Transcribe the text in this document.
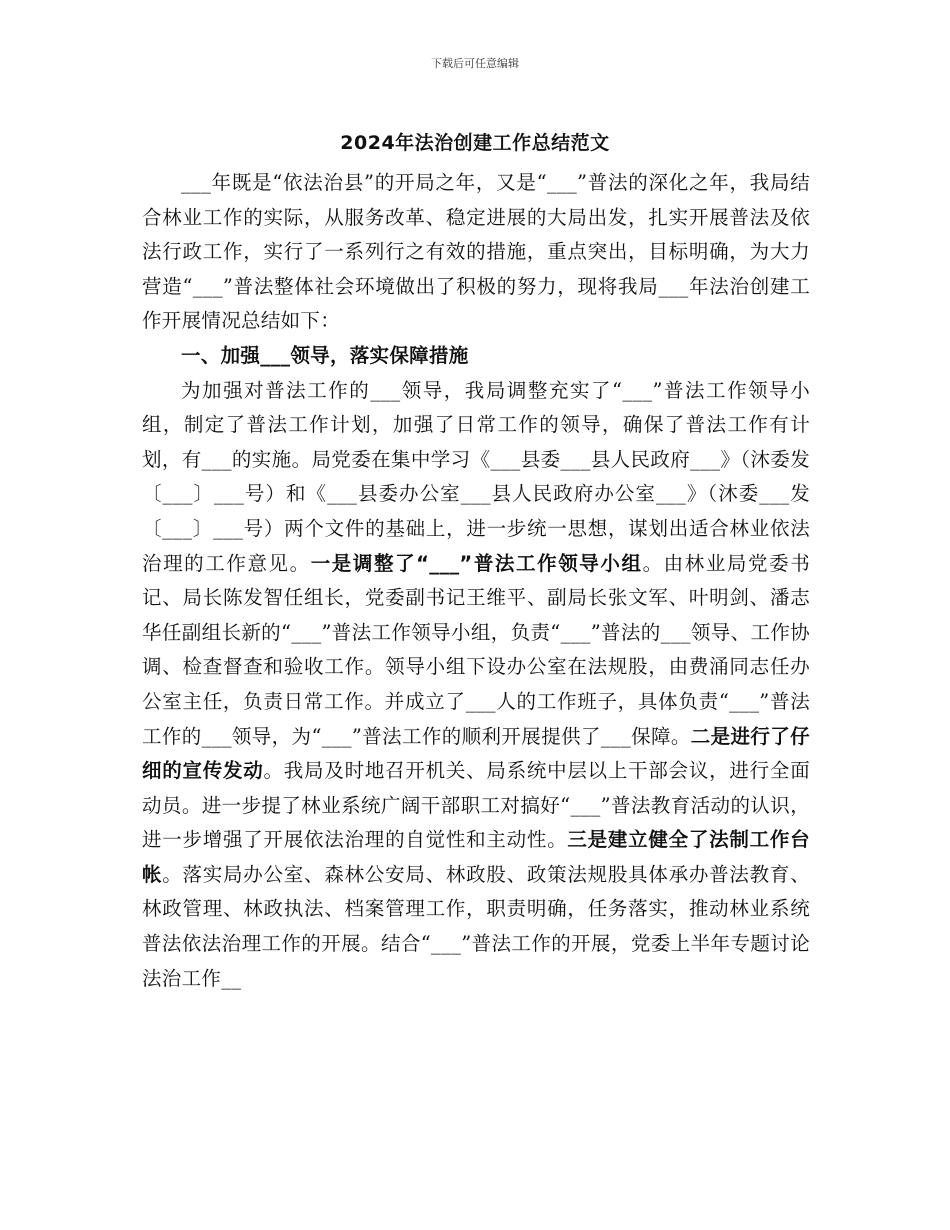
下载后可任意编辑
2024年法治创建工作总结范文

___年既是“依法治县”的开局之年，又是“___”普法的深化之年，我局结合林业工作的实际，从服务改革、稳定进展的大局出发，扎实开展普法及依法行政工作，实行了一系列行之有效的措施，重点突出，目标明确，为大力营造“___”普法整体社会环境做出了积极的努力，现将我局___年法治创建工作开展情况总结如下：

一、加强___领导，落实保障措施

为加强对普法工作的___领导，我局调整充实了“___”普法工作领导小组，制定了普法工作计划，加强了日常工作的领导，确保了普法工作有计划，有___的实施。局党委在集中学习《___县委___县人民政府___》（沐委发〔___〕___号）和《___县委办公室___县人民政府办公室___》（沐委___发〔___〕___号）两个文件的基础上，进一步统一思想，谋划出适合林业依法治理的工作意见。一是调整了“___”普法工作领导小组。由林业局党委书记、局长陈发智任组长，党委副书记王维平、副局长张文军、叶明剑、潘志华任副组长新的“___”普法工作领导小组，负责“___”普法的___领导、工作协调、检查督查和验收工作。领导小组下设办公室在法规股，由费涌同志任办公室主任，负责日常工作。并成立了___人的工作班子，具体负责“___”普法工作的___领导，为“___”普法工作的顺利开展提供了___保障。二是进行了仔细的宣传发动。我局及时地召开机关、局系统中层以上干部会议，进行全面动员。进一步提了林业系统广阔干部职工对搞好“___”普法教育活动的认识，进一步增强了开展依法治理的自觉性和主动性。三是建立健全了法制工作台帐。落实局办公室、森林公安局、林政股、政策法规股具体承办普法教育、林政管理、林政执法、档案管理工作，职责明确，任务落实，推动林业系统普法依法治理工作的开展。结合“___”普法工作的开展，党委上半年专题讨论法治工作__
